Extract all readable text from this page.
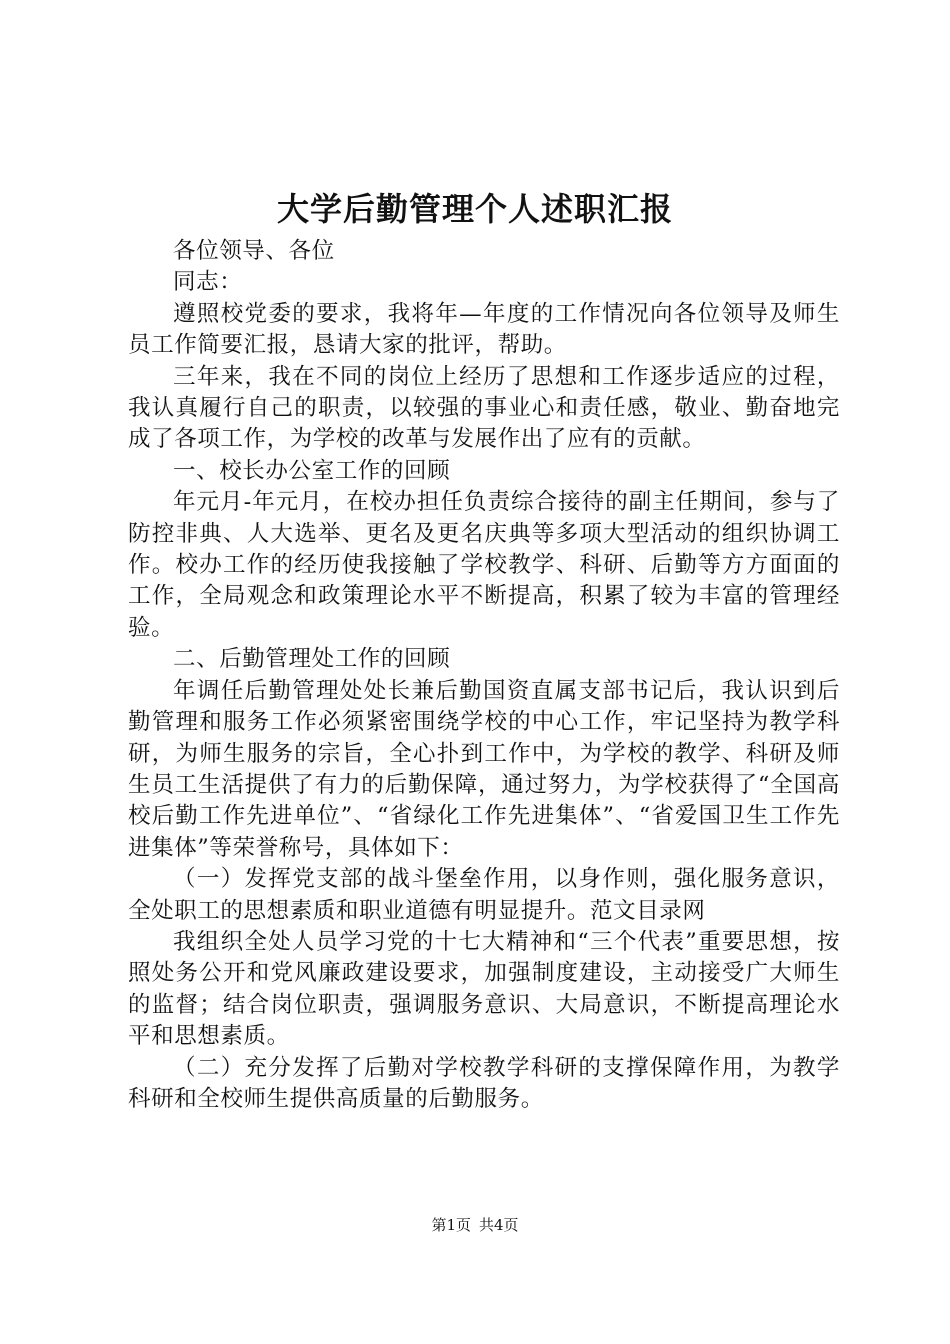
大学后勤管理个人述职汇报

各位领导、各位

同志：

遵照校党委的要求，我将年—年度的工作情况向各位领导及师生员工作简要汇报，恳请大家的批评，帮助。

三年来，我在不同的岗位上经历了思想和工作逐步适应的过程，我认真履行自己的职责，以较强的事业心和责任感，敬业、勤奋地完成了各项工作，为学校的改革与发展作出了应有的贡献。

一、校长办公室工作的回顾

年元月-年元月，在校办担任负责综合接待的副主任期间，参与了防控非典、人大选举、更名及更名庆典等多项大型活动的组织协调工作。校办工作的经历使我接触了学校教学、科研、后勤等方方面面的工作，全局观念和政策理论水平不断提高，积累了较为丰富的管理经验。

二、后勤管理处工作的回顾

年调任后勤管理处处长兼后勤国资直属支部书记后，我认识到后勤管理和服务工作必须紧密围绕学校的中心工作，牢记坚持为教学科研，为师生服务的宗旨，全心扑到工作中，为学校的教学、科研及师生员工生活提供了有力的后勤保障，通过努力，为学校获得了“全国高校后勤工作先进单位”、“省绿化工作先进集体”、“省爱国卫生工作先进集体”等荣誉称号，具体如下：

（一）发挥党支部的战斗堡垒作用，以身作则，强化服务意识，全处职工的思想素质和职业道德有明显提升。范文目录网

我组织全处人员学习党的十七大精神和“三个代表”重要思想，按照处务公开和党风廉政建设要求，加强制度建设，主动接受广大师生的监督；结合岗位职责，强调服务意识、大局意识，不断提高理论水平和思想素质。

（二）充分发挥了后勤对学校教学科研的支撑保障作用，为教学科研和全校师生提供高质量的后勤服务。

第1页 共4页
